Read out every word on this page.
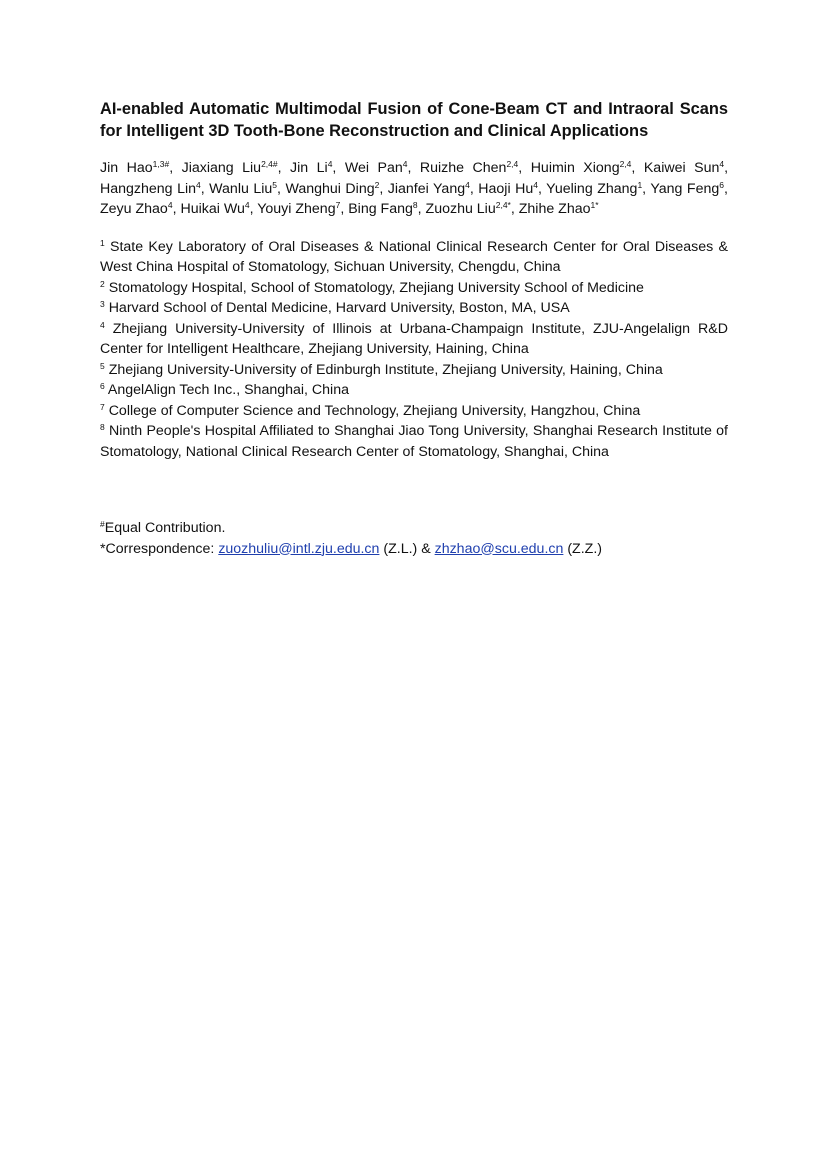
AI-enabled Automatic Multimodal Fusion of Cone-Beam CT and Intraoral Scans for Intelligent 3D Tooth-Bone Reconstruction and Clinical Applications
Jin Hao$^{1,3\#}$, Jiaxiang Liu$^{2,4\#}$, Jin Li$^4$, Wei Pan$^4$, Ruizhe Chen$^{2,4}$, Huimin Xiong$^{2,4}$, Kaiwei Sun$^4$, Hangzheng Lin$^4$, Wanlu Liu$^5$, Wanghui Ding$^2$, Jianfei Yang$^4$, Haoji Hu$^4$, Yueling Zhang$^1$, Yang Feng$^6$, Zeyu Zhao$^4$, Huikai Wu$^4$, Youyi Zheng$^7$, Bing Fang$^8$, Zuozhu Liu$^{2,4*}$, Zhihe Zhao$^{1*}$
$^1$ State Key Laboratory of Oral Diseases & National Clinical Research Center for Oral Diseases & West China Hospital of Stomatology, Sichuan University, Chengdu, China
$^2$ Stomatology Hospital, School of Stomatology, Zhejiang University School of Medicine
$^3$ Harvard School of Dental Medicine, Harvard University, Boston, MA, USA
$^4$ Zhejiang University-University of Illinois at Urbana-Champaign Institute, ZJU-Angelalign R&D Center for Intelligent Healthcare, Zhejiang University, Haining, China
$^5$ Zhejiang University-University of Edinburgh Institute, Zhejiang University, Haining, China
$^6$ AngelAlign Tech Inc., Shanghai, China
$^7$ College of Computer Science and Technology, Zhejiang University, Hangzhou, China
$^8$ Ninth People's Hospital Affiliated to Shanghai Jiao Tong University, Shanghai Research Institute of Stomatology, National Clinical Research Center of Stomatology, Shanghai, China
#Equal Contribution.
*Correspondence: zuozhuliu@intl.zju.edu.cn (Z.L.) & zhzhao@scu.edu.cn (Z.Z.)
